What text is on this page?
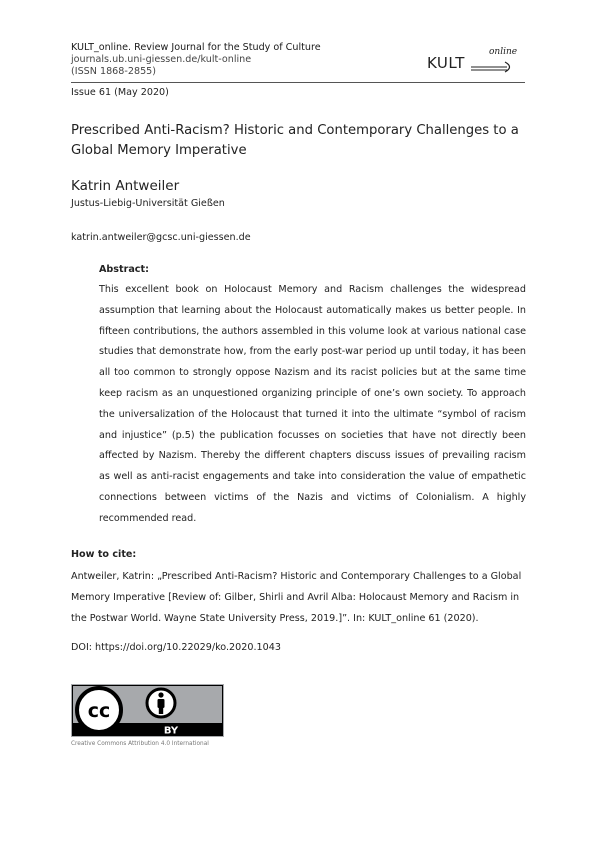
KULT_online. Review Journal for the Study of Culture
journals.ub.uni-giessen.de/kult-online
(ISSN 1868-2855)	KULT
online
Issue 61 (May 2020)
Prescribed Anti-Racism? Historic and Contemporary Challenges to a Global Memory Imperative
Katrin Antweiler
Justus-Liebig-Universität Gießen
katrin.antweiler@gcsc.uni-giessen.de
Abstract:
This excellent book on Holocaust Memory and Racism challenges the widespread assumption that learning about the Holocaust automatically makes us better people. In fifteen contributions, the authors assembled in this volume look at various national case studies that demonstrate how, from the early post-war period up until today, it has been all too common to strongly oppose Nazism and its racist policies but at the same time keep racism as an unquestioned organizing principle of one’s own society. To approach the universalization of the Holocaust that turned it into the ultimate “symbol of racism and injustice” (p.5) the publication focusses on societies that have not directly been affected by Nazism. Thereby the different chapters discuss issues of prevailing racism as well as anti-racist engagements and take into consideration the value of empathetic connections between victims of the Nazis and victims of Colonialism. A highly recommended read.
How to cite:
Antweiler, Katrin: „Prescribed Anti-Racism? Historic and Contemporary Challenges to a Global Memory Imperative [Review of: Gilber, Shirli and Avril Alba: Holocaust Memory and Racism in the Postwar World. Wayne State University Press, 2019.]”. In: KULT_online 61 (2020).
DOI: https://doi.org/10.22029/ko.2020.1043
cc
BY
Creative Commons Attribution 4.0 International
